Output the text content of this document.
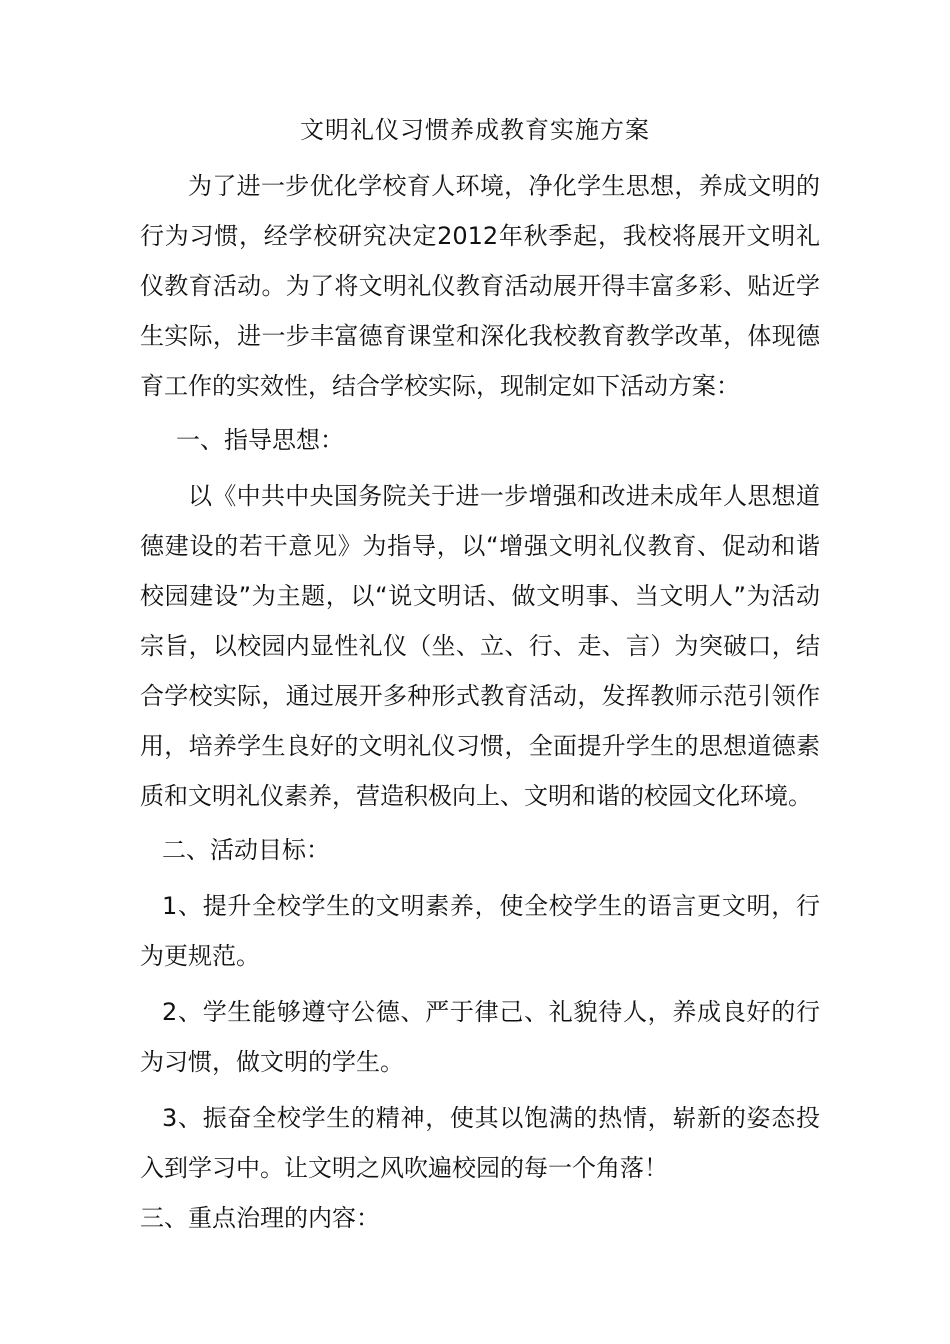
文明礼仪习惯养成教育实施方案

为了进一步优化学校育人环境，净化学生思想，养成文明的行为习惯，经学校研究决定2012年秋季起，我校将展开文明礼仪教育活动。为了将文明礼仪教育活动展开得丰富多彩、贴近学生实际，进一步丰富德育课堂和深化我校教育教学改革，体现德育工作的实效性，结合学校实际，现制定如下活动方案：

一、指导思想：

以《中共中央国务院关于进一步增强和改进未成年人思想道德建设的若干意见》为指导，以“增强文明礼仪教育、促动和谐校园建设”为主题，以“说文明话、做文明事、当文明人”为活动宗旨，以校园内显性礼仪（坐、立、行、走、言）为突破口，结合学校实际，通过展开多种形式教育活动，发挥教师示范引领作用，培养学生良好的文明礼仪习惯，全面提升学生的思想道德素质和文明礼仪素养，营造积极向上、文明和谐的校园文化环境。

二、活动目标：

1、提升全校学生的文明素养，使全校学生的语言更文明，行为更规范。

2、学生能够遵守公德、严于律己、礼貌待人，养成良好的行为习惯，做文明的学生。

3、振奋全校学生的精神，使其以饱满的热情，崭新的姿态投入到学习中。让文明之风吹遍校园的每一个角落！

三、重点治理的内容：
